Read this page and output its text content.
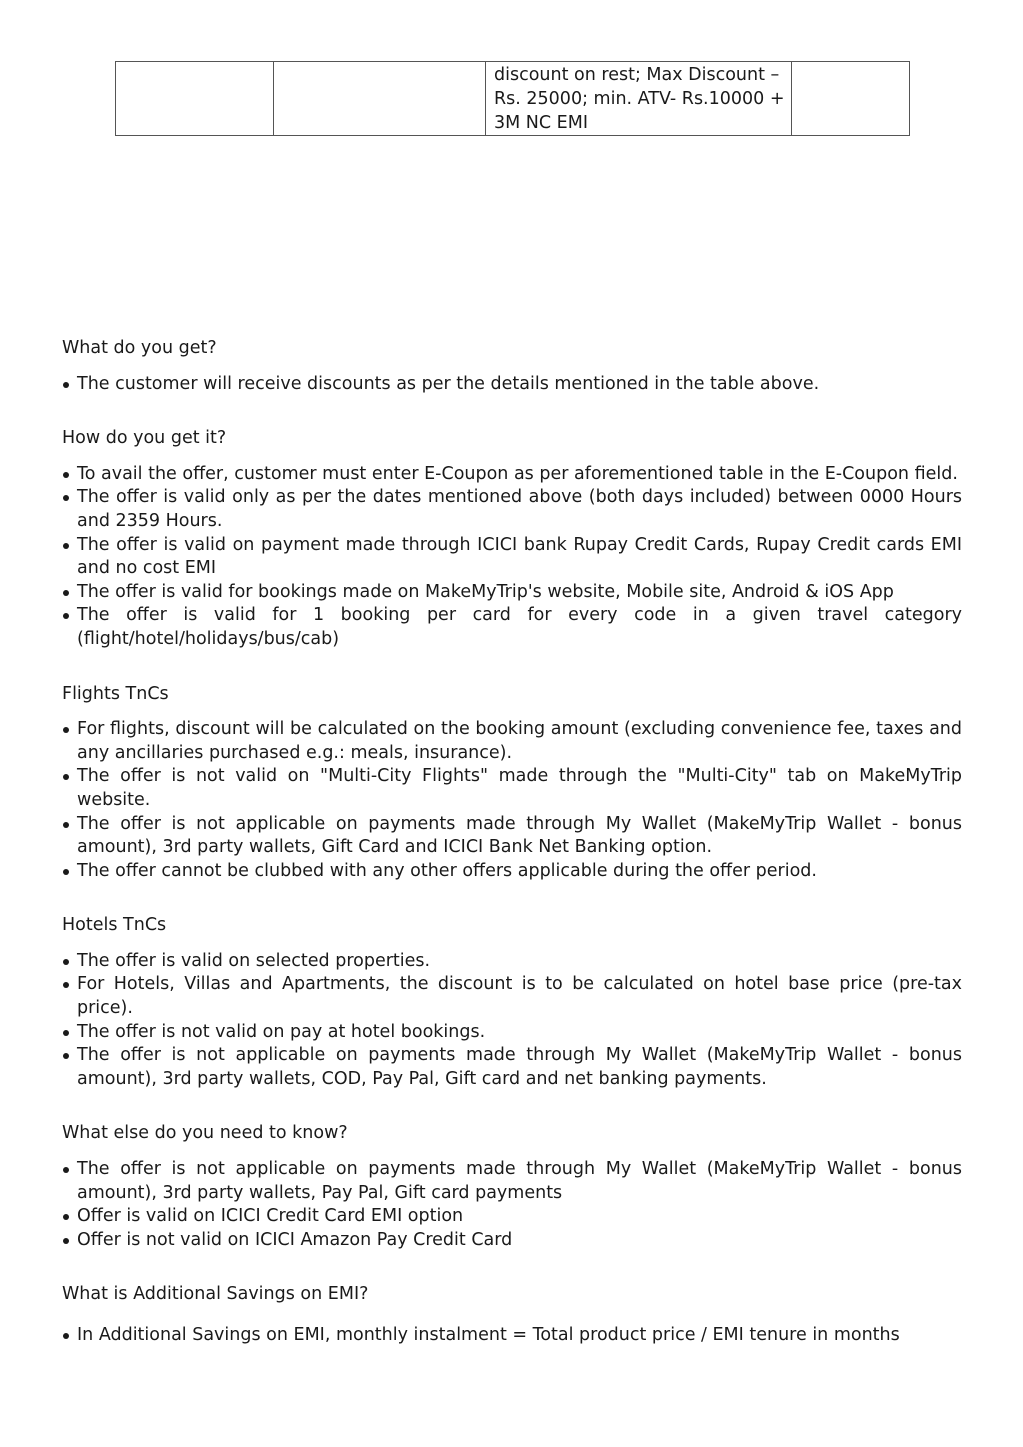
		discount on rest; Max Discount – Rs. 25000; min. ATV- Rs.10000 + 3M NC EMI	

What do you get?

The customer will receive discounts as per the details mentioned in the table above.

How do you get it?

To avail the offer, customer must enter E-Coupon as per aforementioned table in the E-Coupon field.
The offer is valid only as per the dates mentioned above (both days included) between 0000 Hours and 2359 Hours.
The offer is valid on payment made through ICICI bank Rupay Credit Cards, Rupay Credit cards EMI and no cost EMI
The offer is valid for bookings made on MakeMyTrip's website, Mobile site, Android & iOS App
The offer is valid for 1 booking per card for every code in a given travel category (flight/hotel/holidays/bus/cab)

Flights TnCs

For flights, discount will be calculated on the booking amount (excluding convenience fee, taxes and any ancillaries purchased e.g.: meals, insurance).
The offer is not valid on "Multi-City Flights" made through the "Multi-City" tab on MakeMyTrip website.
The offer is not applicable on payments made through My Wallet (MakeMyTrip Wallet - bonus amount), 3rd party wallets, Gift Card and ICICI Bank Net Banking option.
The offer cannot be clubbed with any other offers applicable during the offer period.

Hotels TnCs

The offer is valid on selected properties.
For Hotels, Villas and Apartments, the discount is to be calculated on hotel base price (pre-tax price).
The offer is not valid on pay at hotel bookings.
The offer is not applicable on payments made through My Wallet (MakeMyTrip Wallet - bonus amount), 3rd party wallets, COD, Pay Pal, Gift card and net banking payments.

What else do you need to know?

The offer is not applicable on payments made through My Wallet (MakeMyTrip Wallet - bonus amount), 3rd party wallets, Pay Pal, Gift card payments
Offer is valid on ICICI Credit Card EMI option
Offer is not valid on ICICI Amazon Pay Credit Card

What is Additional Savings on EMI?

In Additional Savings on EMI, monthly instalment = Total product price / EMI tenure in months
